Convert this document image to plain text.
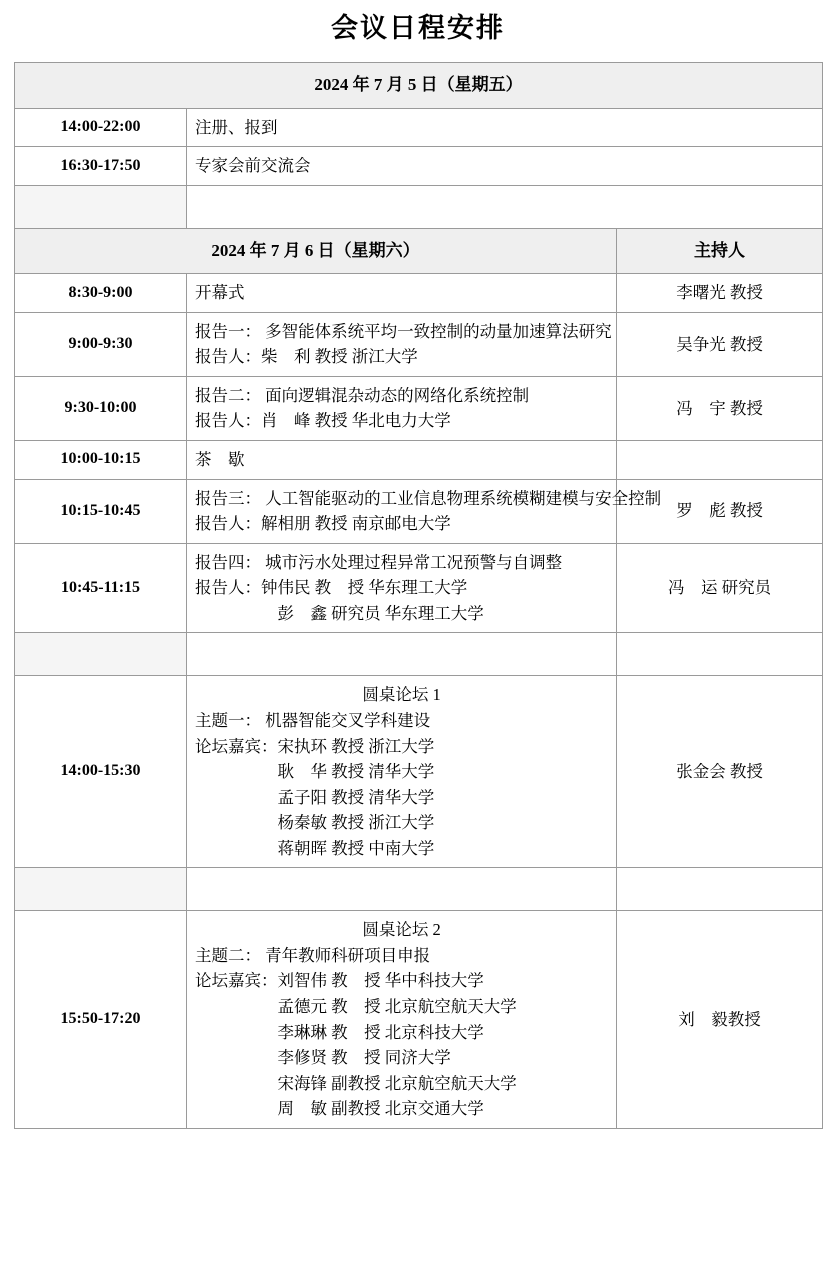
会议日程安排
2024 年 7 月 5 日（星期五）		
14:00-22:00	注册、报到	

16:30-17:50	专家会前交流会	

2024 年 7 月 6 日（星期六）		主持人
8:30-9:00	开幕式	李曙光 教授
9:00-9:30	报告一： 多智能体系统平均一致控制的动量加速算法研究
报告人：柴　利 教授 浙江大学	吴争光 教授
9:30-10:00	报告二： 面向逻辑混杂动态的网络化系统控制
报告人：肖　峰 教授 华北电力大学	冯　宇 教授
10:00-10:15	茶　歇	

10:15-10:45	报告三： 人工智能驱动的工业信息物理系统模糊建模与安全控制
报告人：解相朋 教授 南京邮电大学	罗　彪 教授
10:45-11:15	报告四： 城市污水处理过程异常工况预警与自调整
报告人：钟伟民 教　授 华东理工大学
　　　　　彭　鑫 研究员 华东理工大学	冯　运 研究员

14:00-15:30	
圆桌论坛 1
主题一： 机器智能交叉学科建设
论坛嘉宾：宋执环 教授 浙江大学
　　　　　耿　华 教授 清华大学
　　　　　孟子阳 教授 清华大学
　　　　　杨秦敏 教授 浙江大学
　　　　　蒋朝晖 教授 中南大学
	张金会 教授

15:50-17:20	
圆桌论坛 2
主题二： 青年教师科研项目申报
论坛嘉宾：刘智伟 教　授 华中科技大学
　　　　　孟德元 教　授 北京航空航天大学
　　　　　李琳琳 教　授 北京科技大学
　　　　　李修贤 教　授 同济大学
　　　　　宋海锋 副教授 北京航空航天大学
　　　　　周　敏 副教授 北京交通大学
	刘　毅教授
